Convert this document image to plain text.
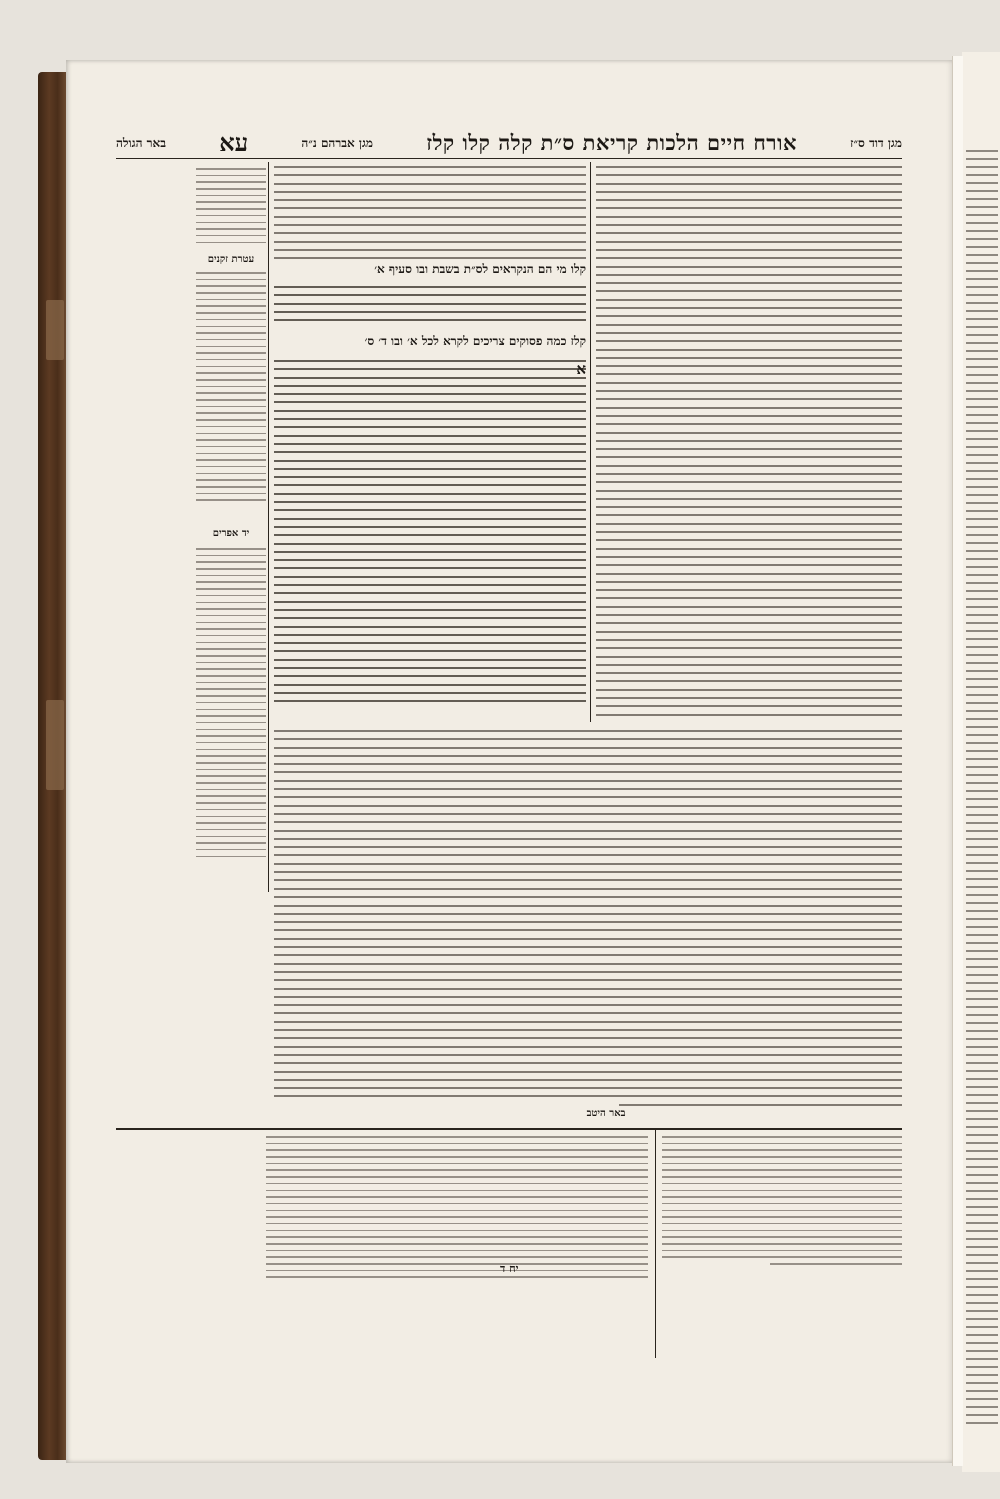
מגן דוד ס״ז
אורח חיים הלכות קריאת ס״ת קלה קלו קלז
מגן אברהם נ״ה
עא
באר הגולה
עטרת זקנים
יד אפרים
קלו מי הם הנקראים לס״ת בשבת ובו סעיף א׳
קלז כמה פסוקים צריכים לקרא לכל א׳ ובו ד׳ ס׳
א
באר היטב
יח ד
